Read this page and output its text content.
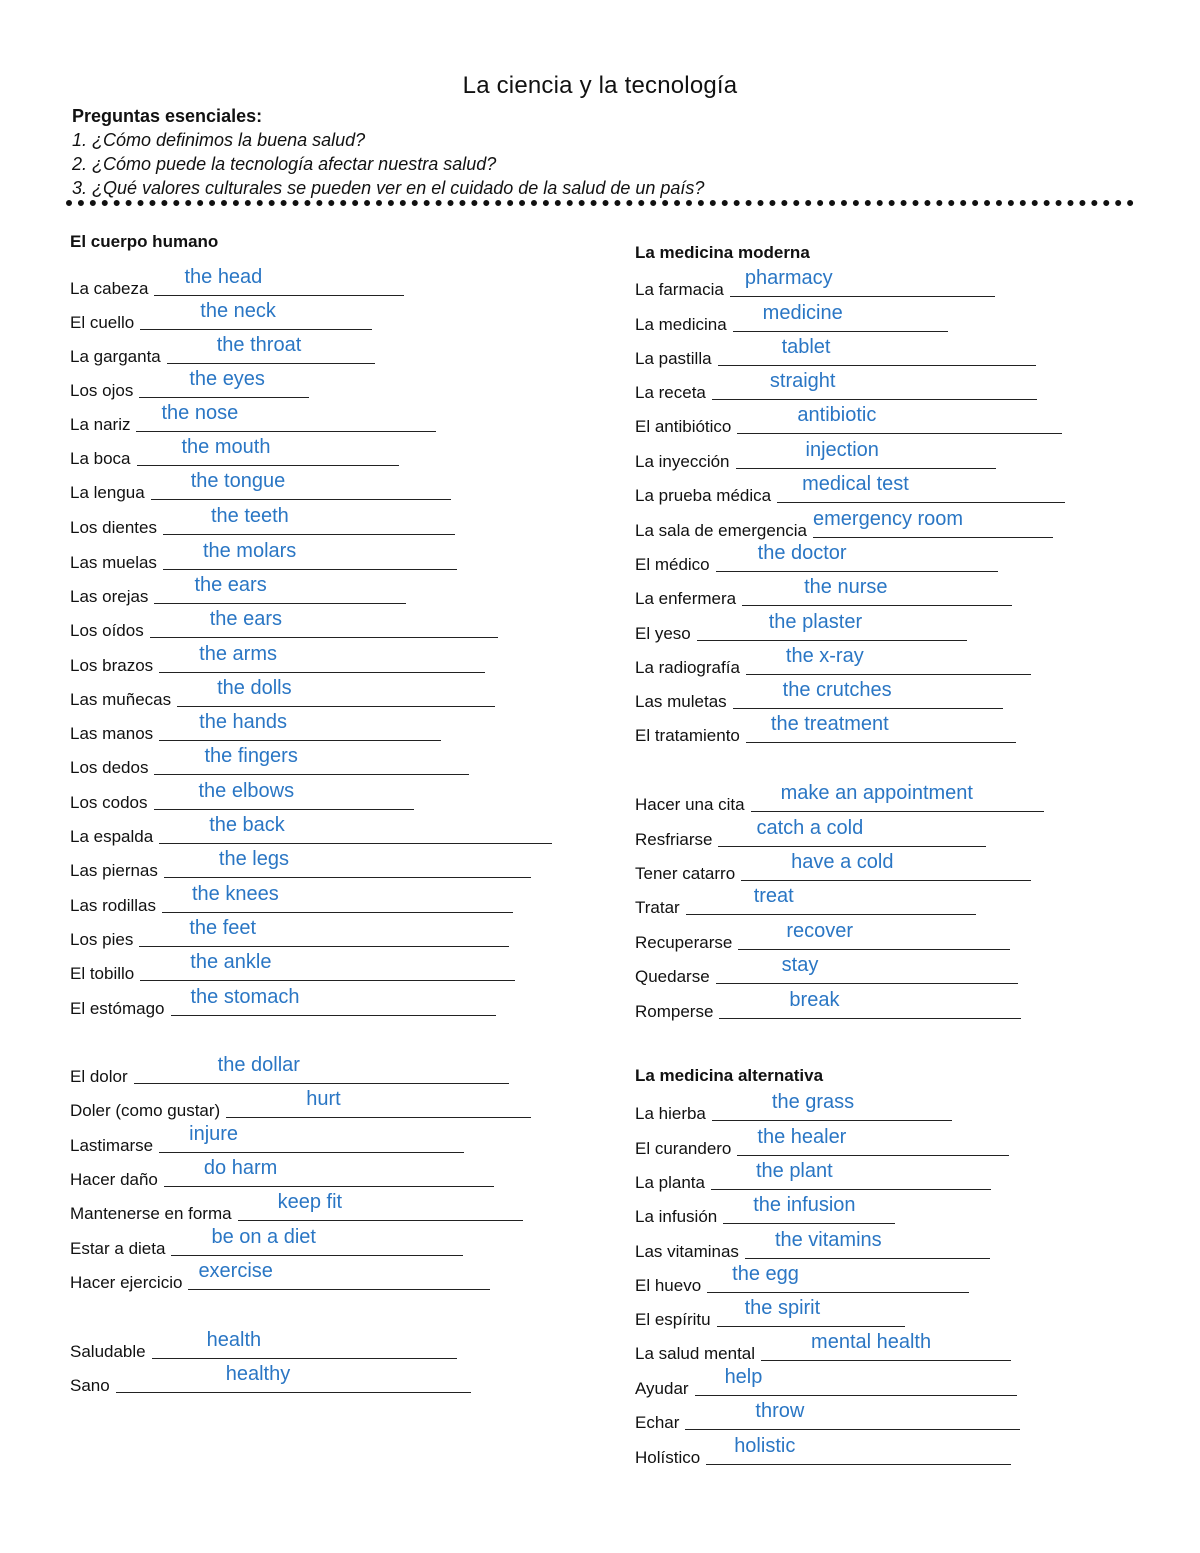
La ciencia y la tecnología
Preguntas esenciales:
1. ¿Cómo definimos la buena salud?
2. ¿Cómo puede la tecnología afectar nuestra salud?
3. ¿Qué valores culturales se pueden ver en el cuidado de la salud de un país?
El cuerpo humano
La medicina moderna
La medicina alternativa
La cabeza
the head
El cuello
the neck
La garganta
the throat
Los ojos
the eyes
La nariz
the nose
La boca
the mouth
La lengua
the tongue
Los dientes
the teeth
Las muelas
the molars
Las orejas
the ears
Los oídos
the ears
Los brazos
the arms
Las muñecas
the dolls
Las manos
the hands
Los dedos
the fingers
Los codos
the elbows
La espalda
the back
Las piernas
the legs
Las rodillas
the knees
Los pies
the feet
El tobillo
the ankle
El estómago
the stomach
El dolor
the dollar
Doler (como gustar)
hurt
Lastimarse
injure
Hacer daño
do harm
Mantenerse en forma
keep fit
Estar a dieta
be on a diet
Hacer ejercicio
exercise
Saludable
health
Sano
healthy
La farmacia
pharmacy
La medicina
medicine
La pastilla
tablet
La receta
straight
El antibiótico
antibiotic
La inyección
injection
La prueba médica
medical test
La sala de emergencia
emergency room
El médico
the doctor
La enfermera
the nurse
El yeso
the plaster
La radiografía
the x-ray
Las muletas
the crutches
El tratamiento
the treatment
Hacer una cita
make an appointment
Resfriarse
catch a cold
Tener catarro
have a cold
Tratar
treat
Recuperarse
recover
Quedarse
stay
Romperse
break
La hierba
the grass
El curandero
the healer
La planta
the plant
La infusión
the infusion
Las vitaminas
the vitamins
El huevo
the egg
El espíritu
the spirit
La salud mental
mental health
Ayudar
help
Echar
throw
Holístico
holistic
